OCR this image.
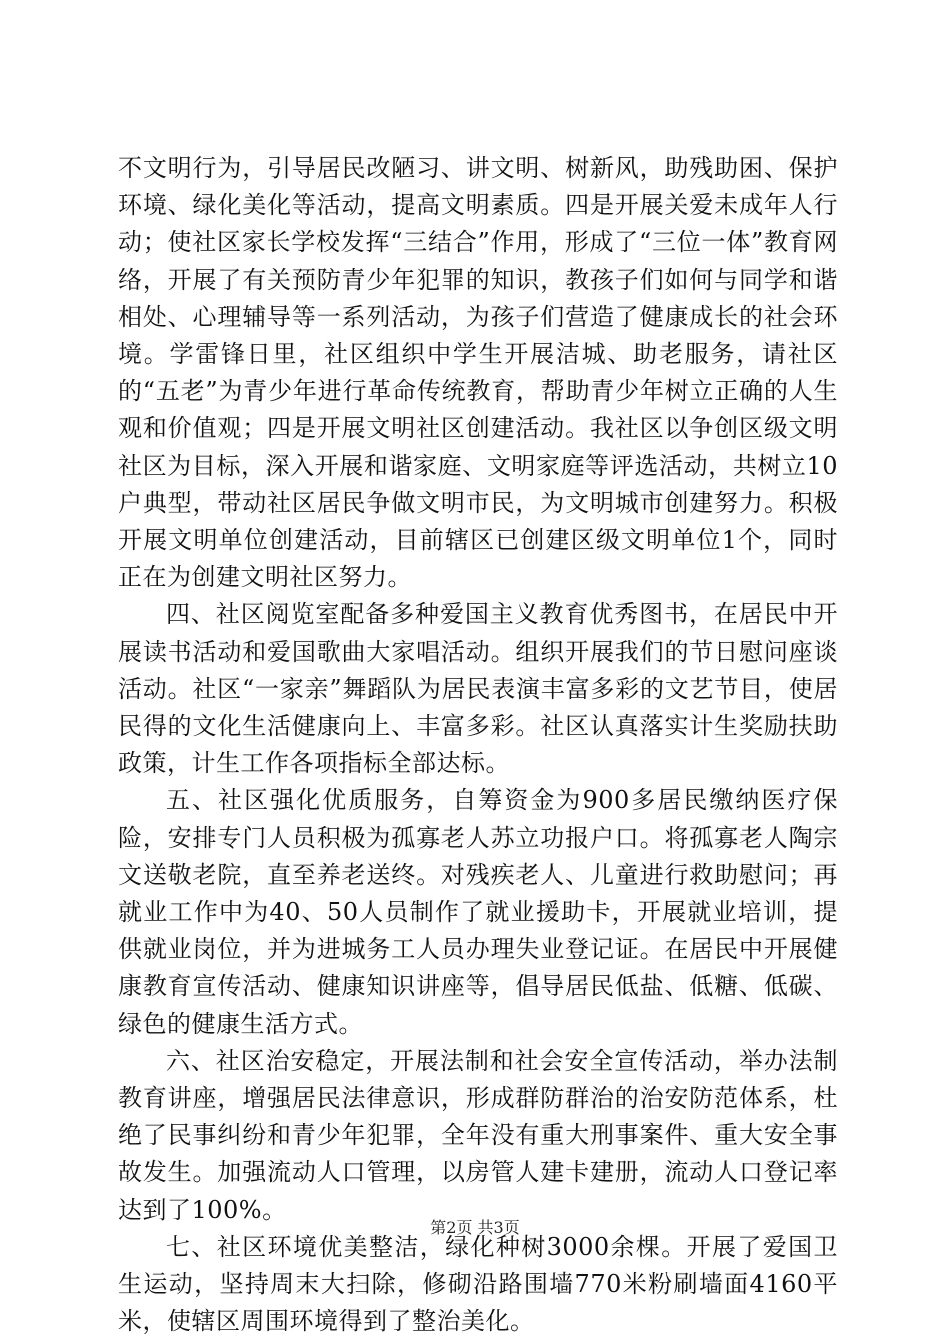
不文明行为，引导居民改陋习、讲文明、树新风，助残助困、保护环境、绿化美化等活动，提高文明素质。四是开展关爱未成年人行动；使社区家长学校发挥“三结合”作用，形成了“三位一体”教育网络，开展了有关预防青少年犯罪的知识，教孩子们如何与同学和谐相处、心理辅导等一系列活动，为孩子们营造了健康成长的社会环境。学雷锋日里，社区组织中学生开展洁城、助老服务，请社区的“五老”为青少年进行革命传统教育，帮助青少年树立正确的人生观和价值观；四是开展文明社区创建活动。我社区以争创区级文明社区为目标，深入开展和谐家庭、文明家庭等评选活动，共树立10户典型，带动社区居民争做文明市民，为文明城市创建努力。积极开展文明单位创建活动，目前辖区已创建区级文明单位1个，同时正在为创建文明社区努力。

四、社区阅览室配备多种爱国主义教育优秀图书，在居民中开展读书活动和爱国歌曲大家唱活动。组织开展我们的节日慰问座谈活动。社区“一家亲”舞蹈队为居民表演丰富多彩的文艺节目，使居民得的文化生活健康向上、丰富多彩。社区认真落实计生奖励扶助政策，计生工作各项指标全部达标。

五、社区强化优质服务，自筹资金为900多居民缴纳医疗保险，安排专门人员积极为孤寡老人苏立功报户口。将孤寡老人陶宗文送敬老院，直至养老送终。对残疾老人、儿童进行救助慰问；再就业工作中为40、50人员制作了就业援助卡，开展就业培训，提供就业岗位，并为进城务工人员办理失业登记证。在居民中开展健康教育宣传活动、健康知识讲座等，倡导居民低盐、低糖、低碳、绿色的健康生活方式。

六、社区治安稳定，开展法制和社会安全宣传活动，举办法制教育讲座，增强居民法律意识，形成群防群治的治安防范体系，杜绝了民事纠纷和青少年犯罪，全年没有重大刑事案件、重大安全事故发生。加强流动人口管理，以房管人建卡建册，流动人口登记率达到了100%。

七、社区环境优美整洁，绿化种树3000余棵。开展了爱国卫生运动，坚持周末大扫除，修砌沿路围墙770米粉刷墙面4160平米，使辖区周围环境得到了整治美化。

第2页 共3页
